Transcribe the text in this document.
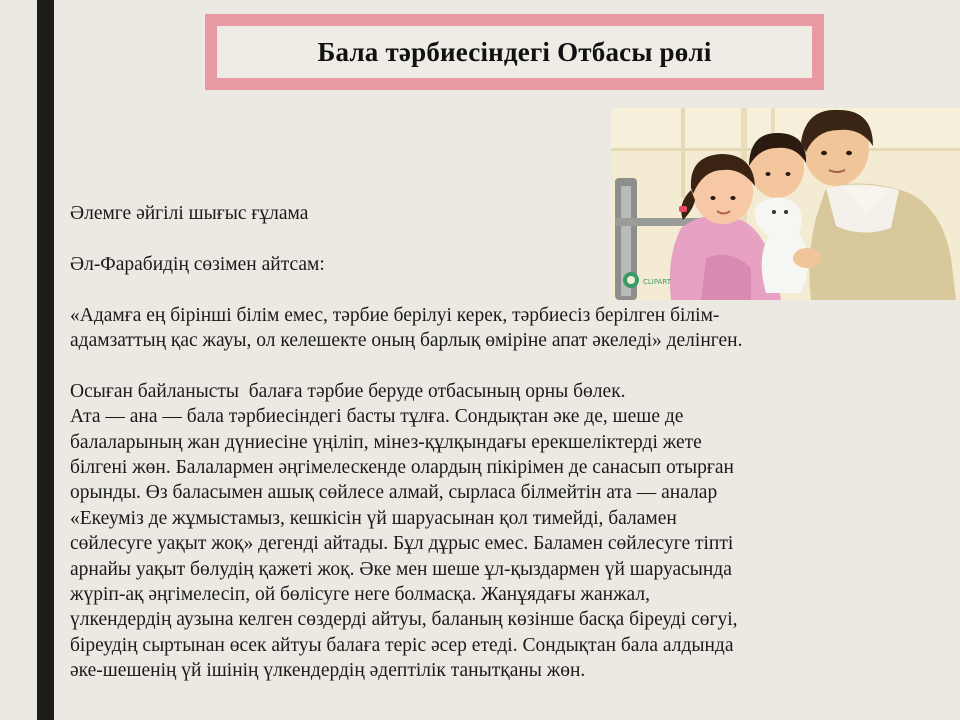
Бала тәрбиесіндегі Отбасы рөлі
CLIPART

Әлемге әйгілі шығыс ғұлама

Әл-Фарабидің сөзімен айтсам:

«Адамға ең бірінші білім емес, тәрбие берілуі керек, тәрбиесіз берілген білім-

адамзаттың қас жауы, ол келешекте оның барлық өміріне апат әкеледі» делінген.

Осыған байланысты  балаға тәрбие беруде отбасының орны бөлек.

Ата — ана — бала тәрбиесіндегі басты тұлға. Сондықтан әке де, шеше де

балаларының жан дүниесіне үңіліп, мінез-құлқындағы ерекшеліктерді жете

білгені жөн. Балалармен әңгімелескенде олардың пікірімен де санасып отырған

орынды. Өз баласымен ашық сөйлесе алмай, сырласа білмейтін ата — аналар

«Екеуміз де жұмыстамыз, кешкісін үй шаруасынан қол тимейді, баламен

сөйлесуге уақыт жоқ» дегенді айтады. Бұл дұрыс емес. Баламен сөйлесуге тіпті

арнайы уақыт бөлудің қажеті жоқ. Әке мен шеше ұл-қыздармен үй шаруасында

жүріп-ақ әңгімелесіп, ой бөлісуге неге болмасқа. Жанұядағы жанжал,

үлкендердің аузына келген сөздерді айтуы, баланың көзінше басқа біреуді сөгуі,

біреудің сыртынан өсек айтуы балаға теріс әсер етеді. Сондықтан бала алдында

әке-шешенің үй ішінің үлкендердің әдептілік танытқаны жөн.
